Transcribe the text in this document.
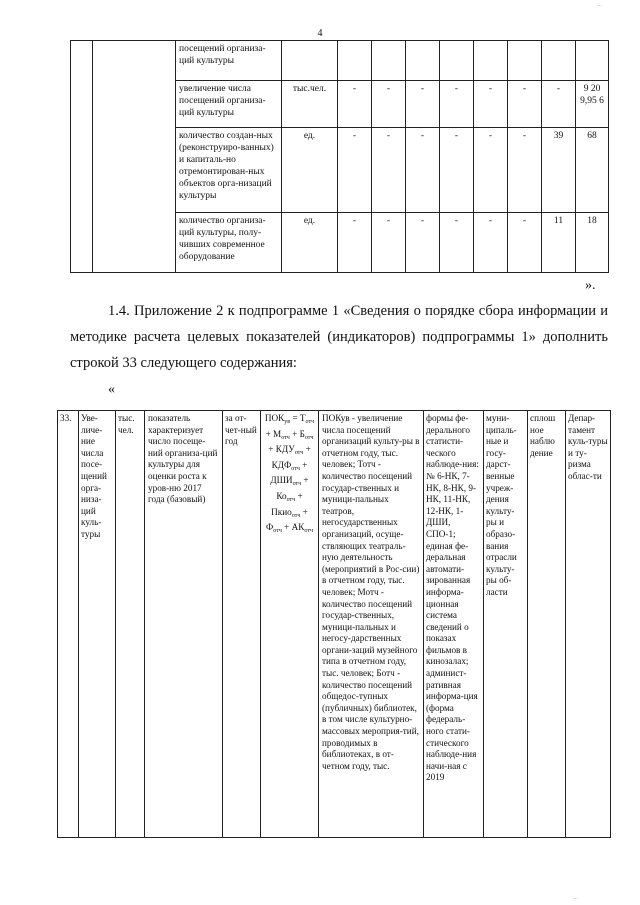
...
4
		посещений организа-ций культуры									
		увеличение числа посещений организа-ций культуры	тыс.чел.	-	-	-	-	-	-	-	9 20 9,95 6
		количество создан-ных (реконструиро-ванных) и капиталь-но отремонтирован-ных объектов орга-низаций культуры	ед.	-	-	-	-	-	-	39	68
		количество организа-ций культуры, полу-чивших современное оборудование	ед.	-	-	-	-	-	-	11	18
».
1.4. Приложение 2 к подпрограмме 1 «Сведения о порядке сбора информации и методике расчета целевых показателей (индикаторов) подпрограммы 1» дополнить строкой 33 следующего содержания:
«
33.	Уве-личе-ние числа посе-щений орга-низа-ций куль-туры	тыс. чел.	показатель характеризует число посеще-ний организа-ций культуры для оценки роста к уров-ню 2017 года (базовый)	за от-чет-ный год	$ПОК_{ув} = Т_{отч} + М_{отч} + Б_{отч} + КДУ_{отч} + КДФ_{отч} + ДШИ_{отч} + Ко_{отч}$ + Пкио$_{отч}$ + $Ф_{отч} + АК_{отч}$	ПОКув - увеличение числа посещений организаций культу-ры в отчетном году, тыс. человек; Тотч - количество посещений государ-ственных и муници-пальных театров, негосударственных организаций, осуще-ствляющих театраль-ную деятельность (мероприятий в Рос-сии) в отчетном году, тыс. человек; Мотч - количество посещений государ-ственных, муници-пальных и негосу-дарственных органи-заций музейного типа в отчетном году, тыс. человек; Ботч - количество посещений общедос-тупных (публичных) библиотек, в том числе культурно-массовых мероприя-тий, проводимых в библиотеках, в от-четном году, тыс.	формы фе-дерального статисти-ческого наблюде-ния: № 6-НК, 7-НК, 8-НК, 9-НК, 11-НК, 12-НК, 1-ДШИ, СПО-1; единая фе-деральная автомати-зированная информа-ционная система сведений о показах фильмов в кинозалах; админист-ративная информа-ция (форма федераль-ного стати-стического наблюде-ния начи-ная с 2019	муни-ципаль-ные и госу-дарст-венные учреж-дения культу-ры и образо-вания отрасли культу-ры об-ласти	сплош ное наблю дение	Депар-тамент куль-туры и ту-ризма облас-ти
...
